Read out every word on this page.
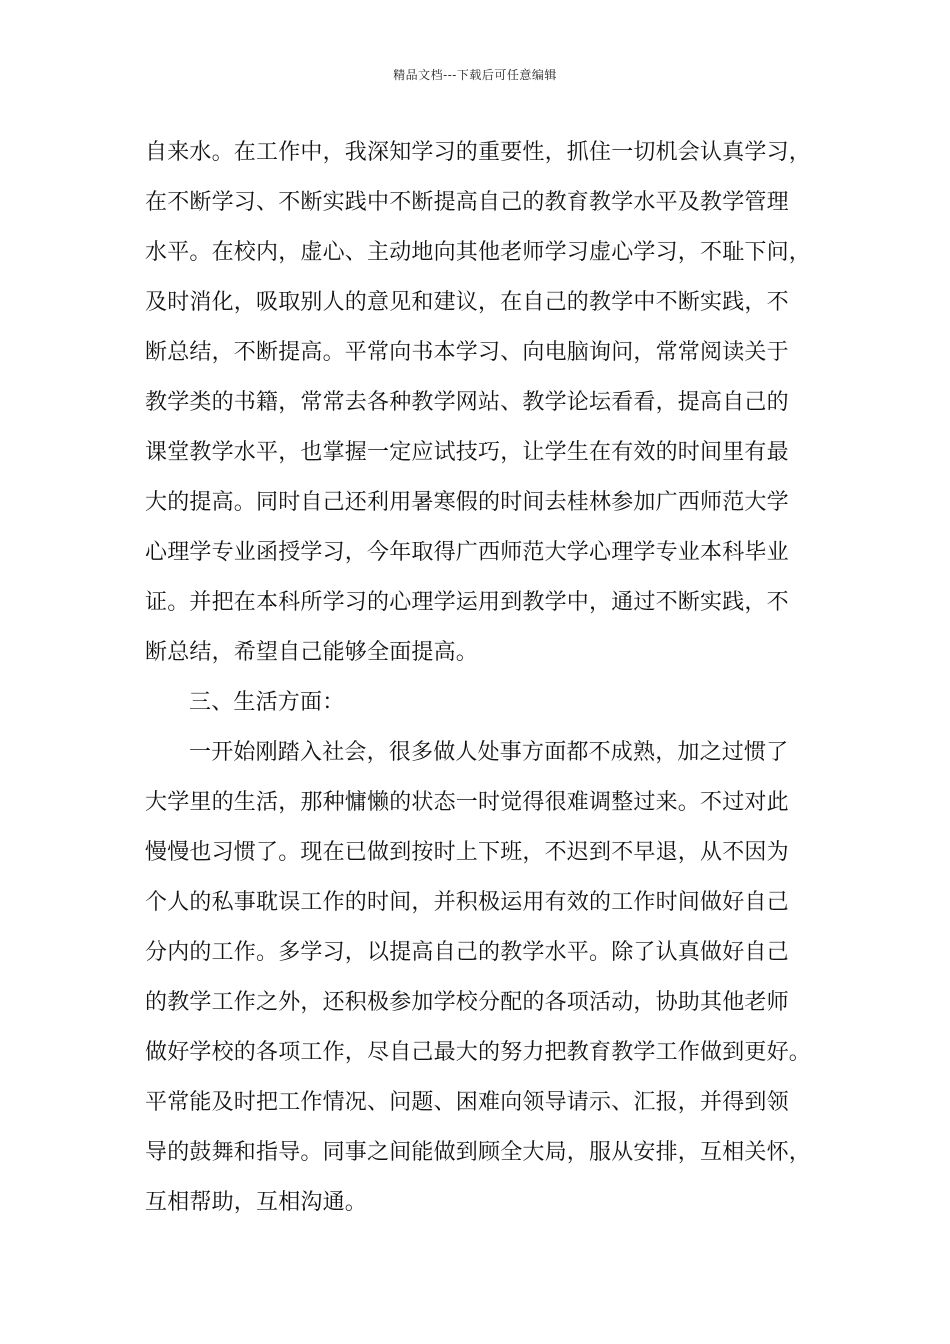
精品文档---下载后可任意编辑
自来水。在工作中，我深知学习的重要性，抓住一切机会认真学习，
在不断学习、不断实践中不断提高自己的教育教学水平及教学管理
水平。在校内，虚心、主动地向其他老师学习虚心学习，不耻下问，
及时消化，吸取别人的意见和建议，在自己的教学中不断实践，不
断总结，不断提高。平常向书本学习、向电脑询问，常常阅读关于
教学类的书籍，常常去各种教学网站、教学论坛看看，提高自己的
课堂教学水平，也掌握一定应试技巧，让学生在有效的时间里有最
大的提高。同时自己还利用暑寒假的时间去桂林参加广西师范大学
心理学专业函授学习，今年取得广西师范大学心理学专业本科毕业
证。并把在本科所学习的心理学运用到教学中，通过不断实践，不
断总结，希望自己能够全面提高。
三、生活方面：
一开始刚踏入社会，很多做人处事方面都不成熟，加之过惯了
大学里的生活，那种慵懒的状态一时觉得很难调整过来。不过对此
慢慢也习惯了。现在已做到按时上下班，不迟到不早退，从不因为
个人的私事耽误工作的时间，并积极运用有效的工作时间做好自己
分内的工作。多学习，以提高自己的教学水平。除了认真做好自己
的教学工作之外，还积极参加学校分配的各项活动，协助其他老师
做好学校的各项工作，尽自己最大的努力把教育教学工作做到更好。
平常能及时把工作情况、问题、困难向领导请示、汇报，并得到领
导的鼓舞和指导。同事之间能做到顾全大局，服从安排，互相关怀，
互相帮助，互相沟通。
